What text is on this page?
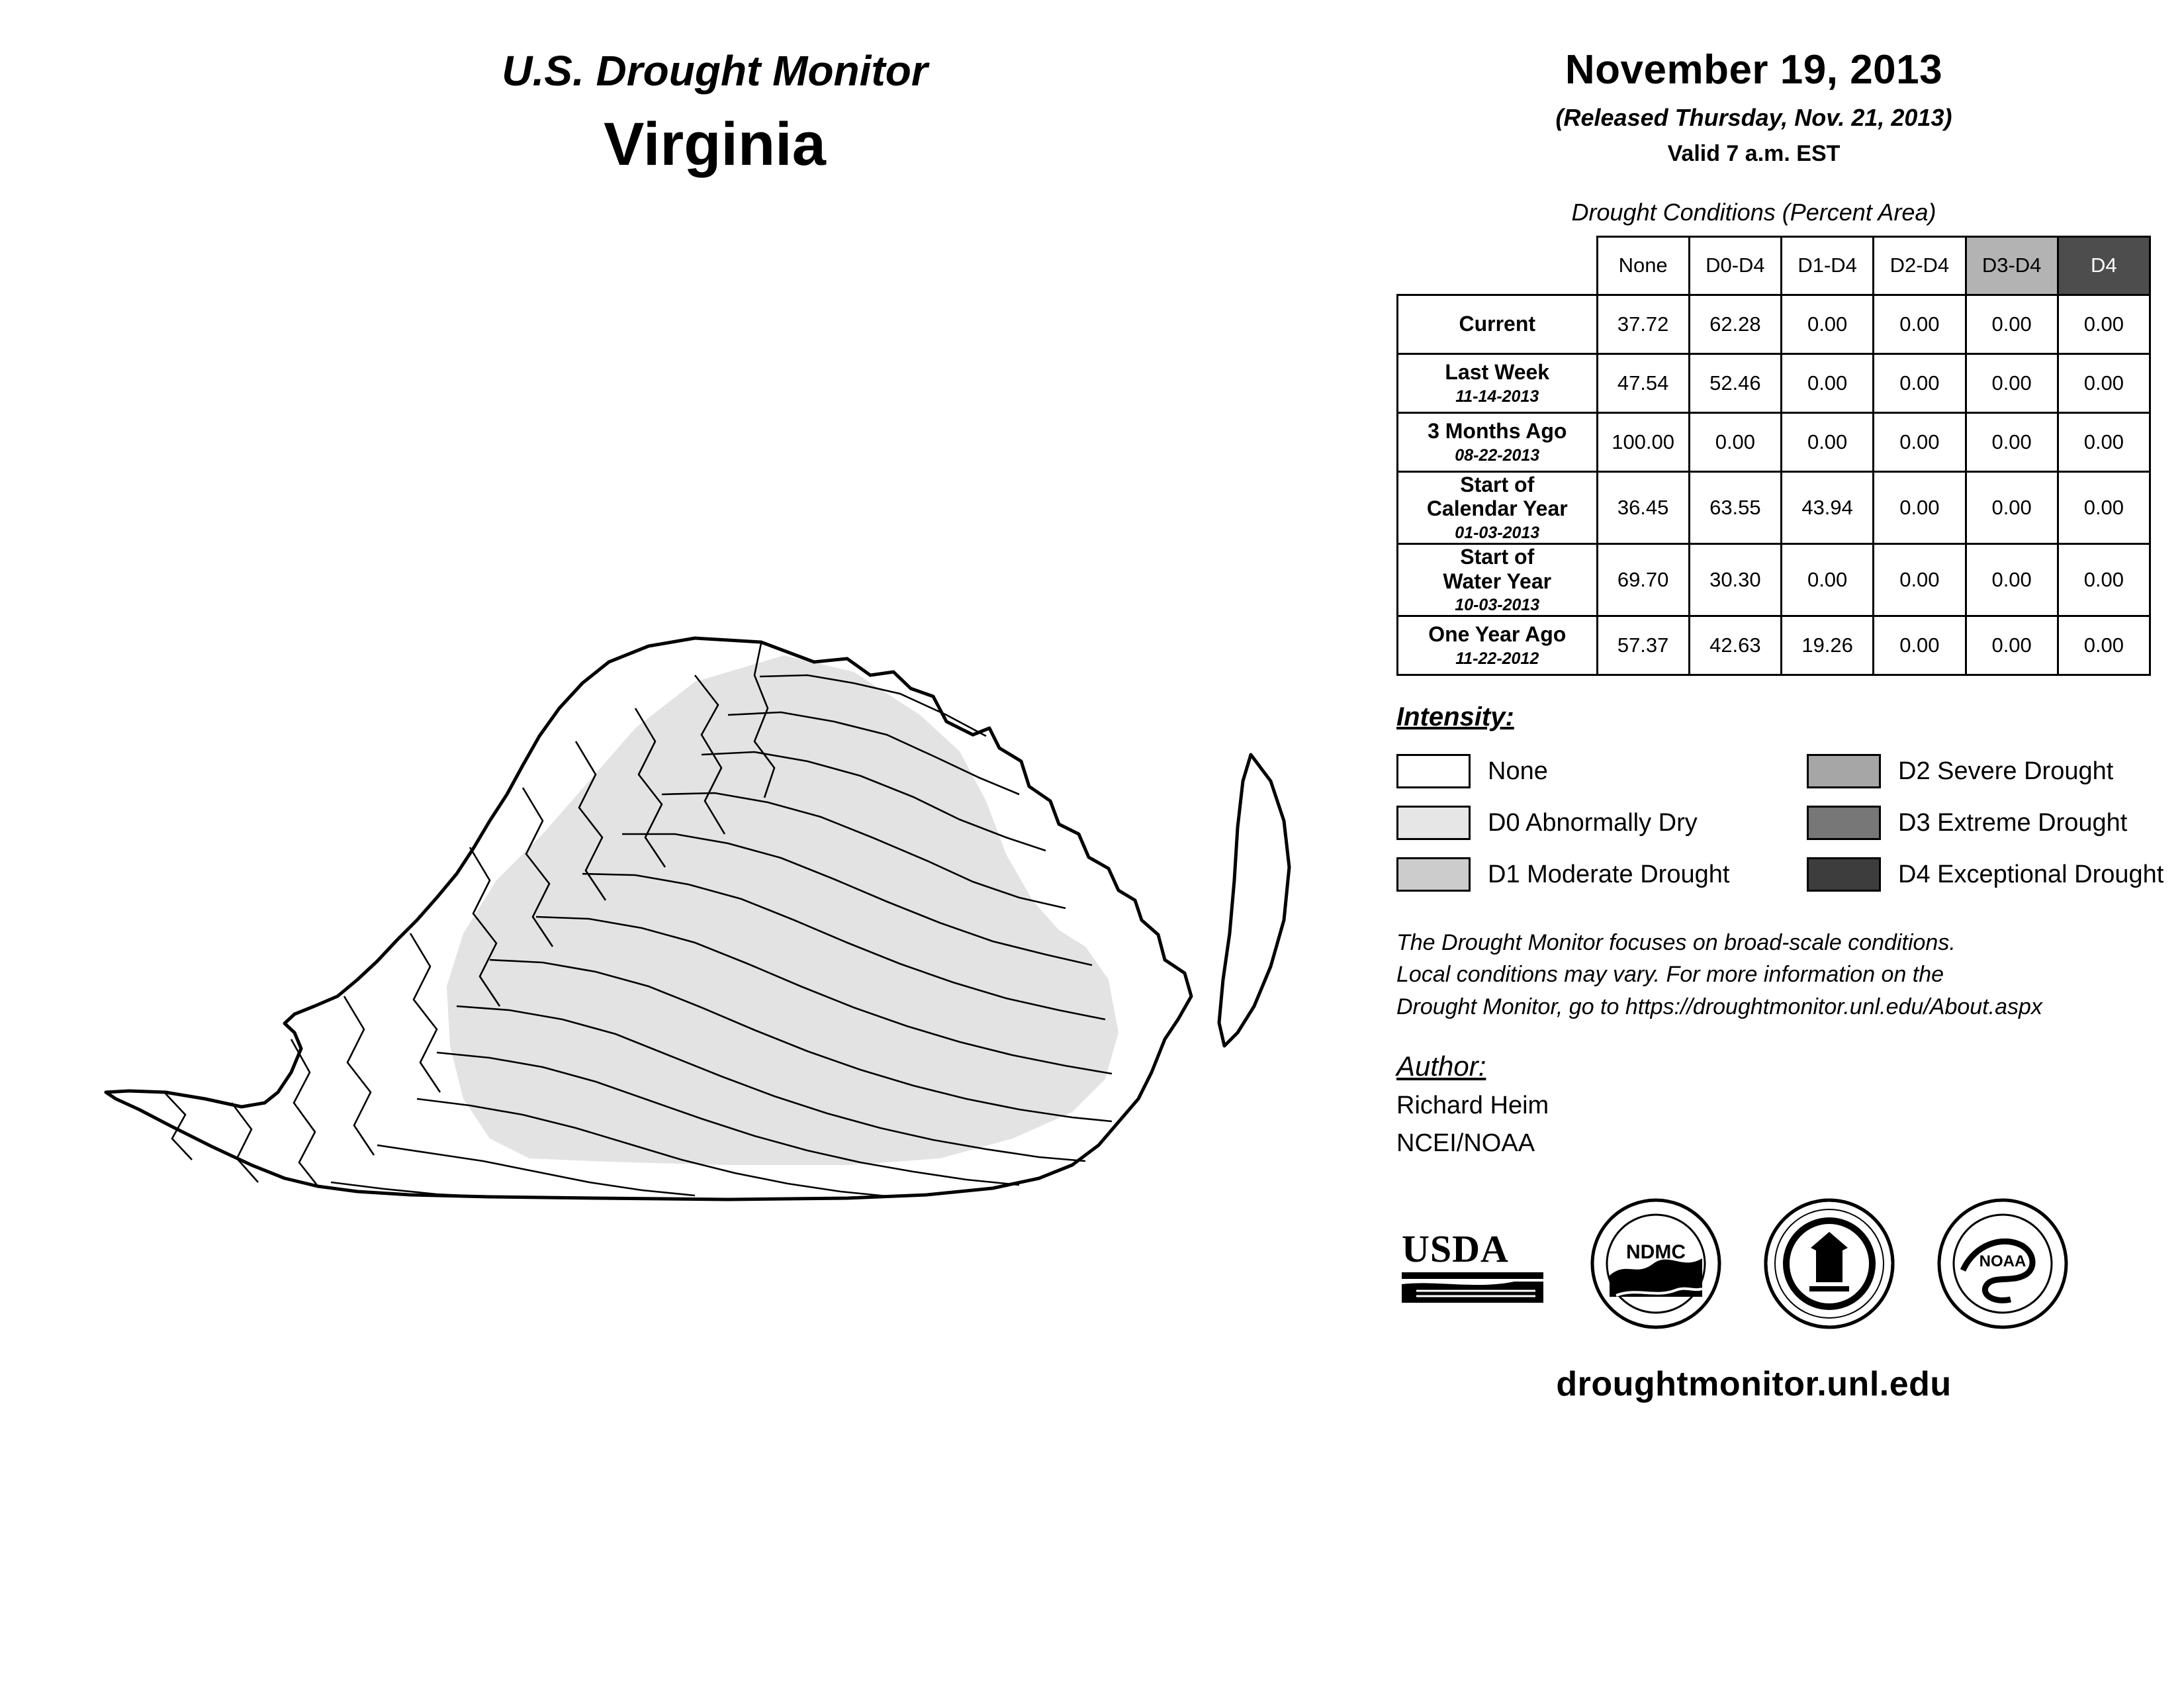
U.S. Drought Monitor
Virginia
November 19, 2013
(Released Thursday, Nov. 21, 2013)
Valid 7 a.m. EST
Drought Conditions (Percent Area)
	None	D0-D4	D1-D4	D2-D4	D3-D4	D4

Current	37.72	62.28	0.00	0.00	0.00	0.00

Last Week
11-14-2013	47.54	52.46	0.00	0.00	0.00	0.00

3 Months Ago
08-22-2013	100.00	0.00	0.00	0.00	0.00	0.00

Start of
Calendar Year
01-03-2013	36.45	63.55	43.94	0.00	0.00	0.00

Start of
Water Year
10-03-2013	69.70	30.30	0.00	0.00	0.00	0.00

One Year Ago
11-22-2012	57.37	42.63	19.26	0.00	0.00	0.00
Intensity:
None	D2 Severe Drought
D0 Abnormally Dry	D3 Extreme Drought
D1 Moderate Drought	D4 Exceptional Drought
The Drought Monitor focuses on broad-scale conditions.
Local conditions may vary. For more information on the
Drought Monitor, go to https://droughtmonitor.unl.edu/About.aspx
Author:
Richard Heim
NCEI/NOAA
USDA	NDMC	NOAA
droughtmonitor.unl.edu
